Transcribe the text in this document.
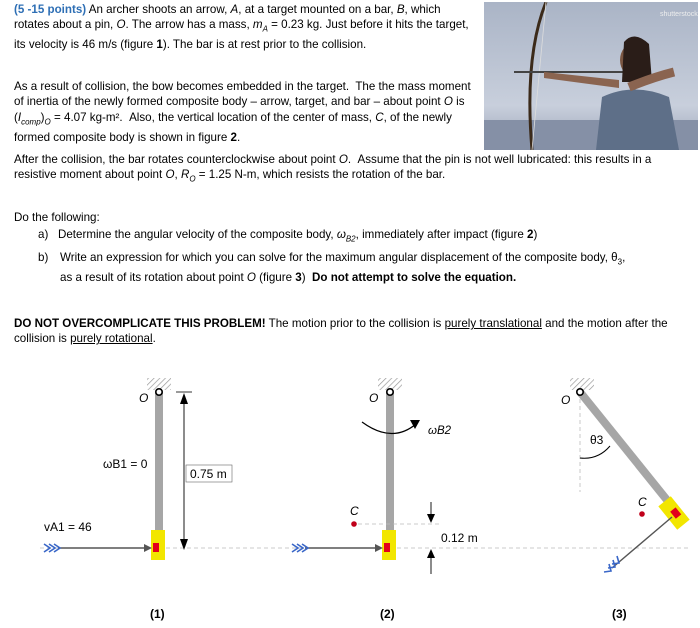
(5 -15 points) An archer shoots an arrow, A, at a target mounted on a bar, B, which rotates about a pin, O. The arrow has a mass, $m_A = 0.23$ kg. Just before it hits the target, its velocity is 46 m/s (figure 1). The bar is at rest prior to the collision.
shutterstock
As a result of collision, the bow becomes embedded in the target.  The the mass moment of inertia of the newly formed composite body – arrow, target, and bar – about point O is $(I_{comp})_O = 4.07$ kg-m².  Also, the vertical location of the center of mass, C, of the newly formed composite body is shown in figure 2.
After the collision, the bar rotates counterclockwise about point O.  Assume that the pin is not well lubricated: this results in a resistive moment about point O, $R_O = 1.25$ N-m, which resists the rotation of the bar.
Do the following:
a)   Determine the angular velocity of the composite body, $\omega_{B2}$, immediately after impact (figure 2)
b) Write an expression for which you can solve for the maximum angular displacement of the composite body, $\theta_3$,
as a result of its rotation about point O (figure 3)  Do not attempt to solve the equation.
DO NOT OVERCOMPLICATE THIS PROBLEM! The motion prior to the collision is purely translational and the motion after the collision is purely rotational.
O
vA1 = 46
ωB1 = 0
0.75 m
(1)
O
ωB2
C
0.12 m
(2)
O
θ3
C
(3)
